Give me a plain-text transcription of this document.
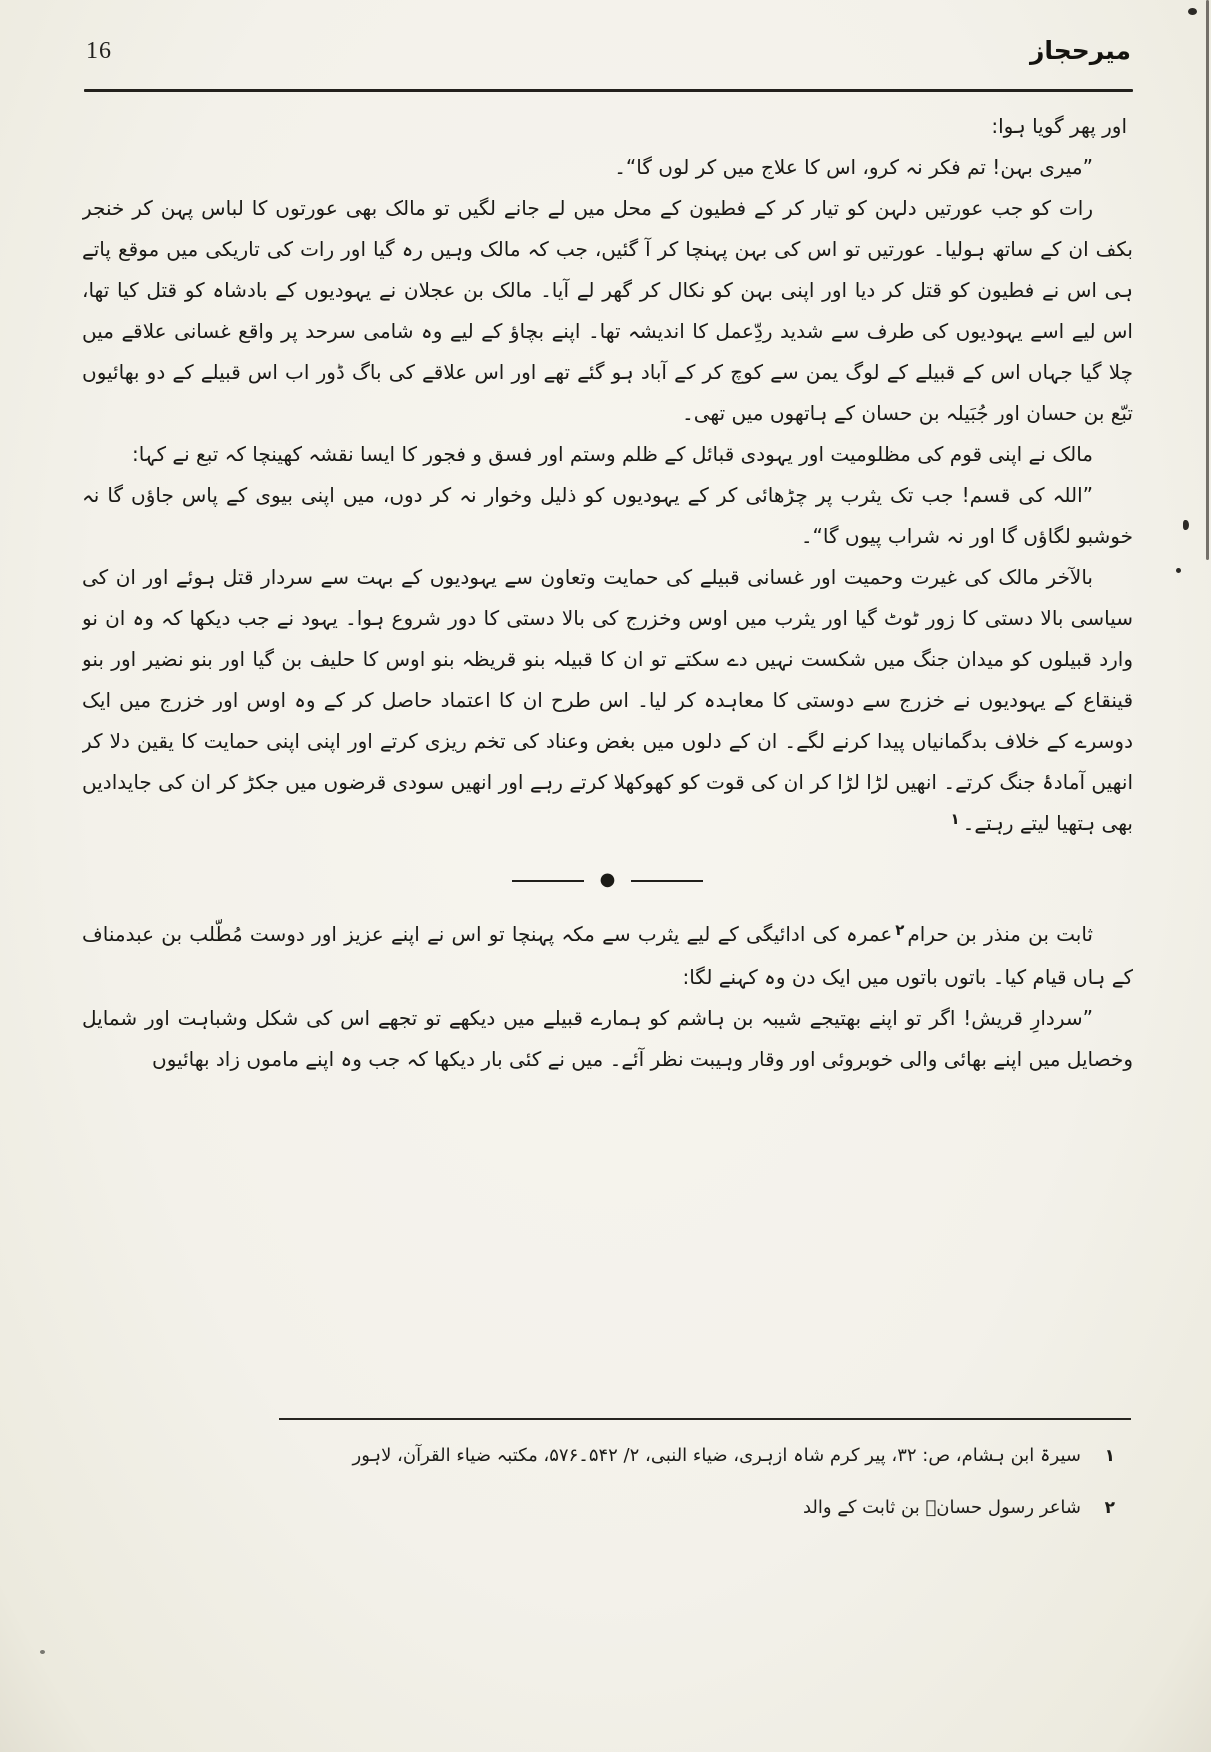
16	میرحجاز

اور پھر گویا ہوا:

”میری بہن! تم فکر نہ کرو، اس کا علاج میں کر لوں گا“۔

رات کو جب عورتیں دلہن کو تیار کر کے فطیون کے محل میں لے جانے لگیں تو مالک بھی عورتوں کا لباس پہن کر خنجر بکف ان کے ساتھ ہولیا۔ عورتیں تو اس کی بہن پہنچا کر آ گئیں، جب کہ مالک وہیں رہ گیا اور رات کی تاریکی میں موقع پاتے ہی اس نے فطیون کو قتل کر دیا اور اپنی بہن کو نکال کر گھر لے آیا۔ مالک بن عجلان نے یہودیوں کے بادشاہ کو قتل کیا تھا، اس لیے اسے یہودیوں کی طرف سے شدید ردِّعمل کا اندیشہ تھا۔ اپنے بچاؤ کے لیے وہ شامی سرحد پر واقع غسانی علاقے میں چلا گیا جہاں اس کے قبیلے کے لوگ یمن سے کوچ کر کے آباد ہو گئے تھے اور اس علاقے کی باگ ڈور اب اس قبیلے کے دو بھائیوں تبّع بن حسان اور جُبَیلہ بن حسان کے ہاتھوں میں تھی۔

مالک نے اپنی قوم کی مظلومیت اور یہودی قبائل کے ظلم وستم اور فسق و فجور کا ایسا نقشہ کھینچا کہ تبع نے کہا:

”اللہ کی قسم! جب تک یثرب پر چڑھائی کر کے یہودیوں کو ذلیل وخوار نہ کر دوں، میں اپنی بیوی کے پاس جاؤں گا نہ خوشبو لگاؤں گا اور نہ شراب پیوں گا“۔

بالآخر مالک کی غیرت وحمیت اور غسانی قبیلے کی حمایت وتعاون سے یہودیوں کے بہت سے سردار قتل ہوئے اور ان کی سیاسی بالا دستی کا زور ٹوٹ گیا اور یثرب میں اوس وخزرج کی بالا دستی کا دور شروع ہوا۔ یہود نے جب دیکھا کہ وہ ان نو وارد قبیلوں کو میدان جنگ میں شکست نہیں دے سکتے تو ان کا قبیلہ بنو قریظہ بنو اوس کا حلیف بن گیا اور بنو نضیر اور بنو قینقاع کے یہودیوں نے خزرج سے دوستی کا معاہدہ کر لیا۔ اس طرح ان کا اعتماد حاصل کر کے وہ اوس اور خزرج میں ایک دوسرے کے خلاف بدگمانیاں پیدا کرنے لگے۔ ان کے دلوں میں بغض وعناد کی تخم ریزی کرتے اور اپنی اپنی حمایت کا یقین دلا کر انھیں آمادۂ جنگ کرتے۔ انھیں لڑا لڑا کر ان کی قوت کو کھوکھلا کرتے رہے اور انھیں سودی قرضوں میں جکڑ کر ان کی جایدادیں بھی ہتھیا لیتے رہتے۔$^۱$

●

ثابت بن منذر بن حرام$^۲$عمرہ کی ادائیگی کے لیے یثرب سے مکہ پہنچا تو اس نے اپنے عزیز اور دوست مُطّلب بن عبدمناف کے ہاں قیام کیا۔ باتوں باتوں میں ایک دن وہ کہنے لگا:

”سردارِ قریش! اگر تو اپنے بھتیجے شیبہ بن ہاشم کو ہمارے قبیلے میں دیکھے تو تجھے اس کی شکل وشباہت اور شمایل وخصایل میں اپنے بھائی والی خوبروئی اور وقار وہیبت نظر آئے۔ میں نے کئی بار دیکھا کہ جب وہ اپنے ماموں زاد بھائیوں

۱
سیرۃ ابن ہشام، ص: ۳۲، پیر کرم شاہ ازہری، ضیاء النبی، ۲/ ۵۴۲۔۵۷۶، مکتبہ ضیاء القرآن، لاہور
۲
شاعر رسول حسانؓ بن ثابت کے والد
